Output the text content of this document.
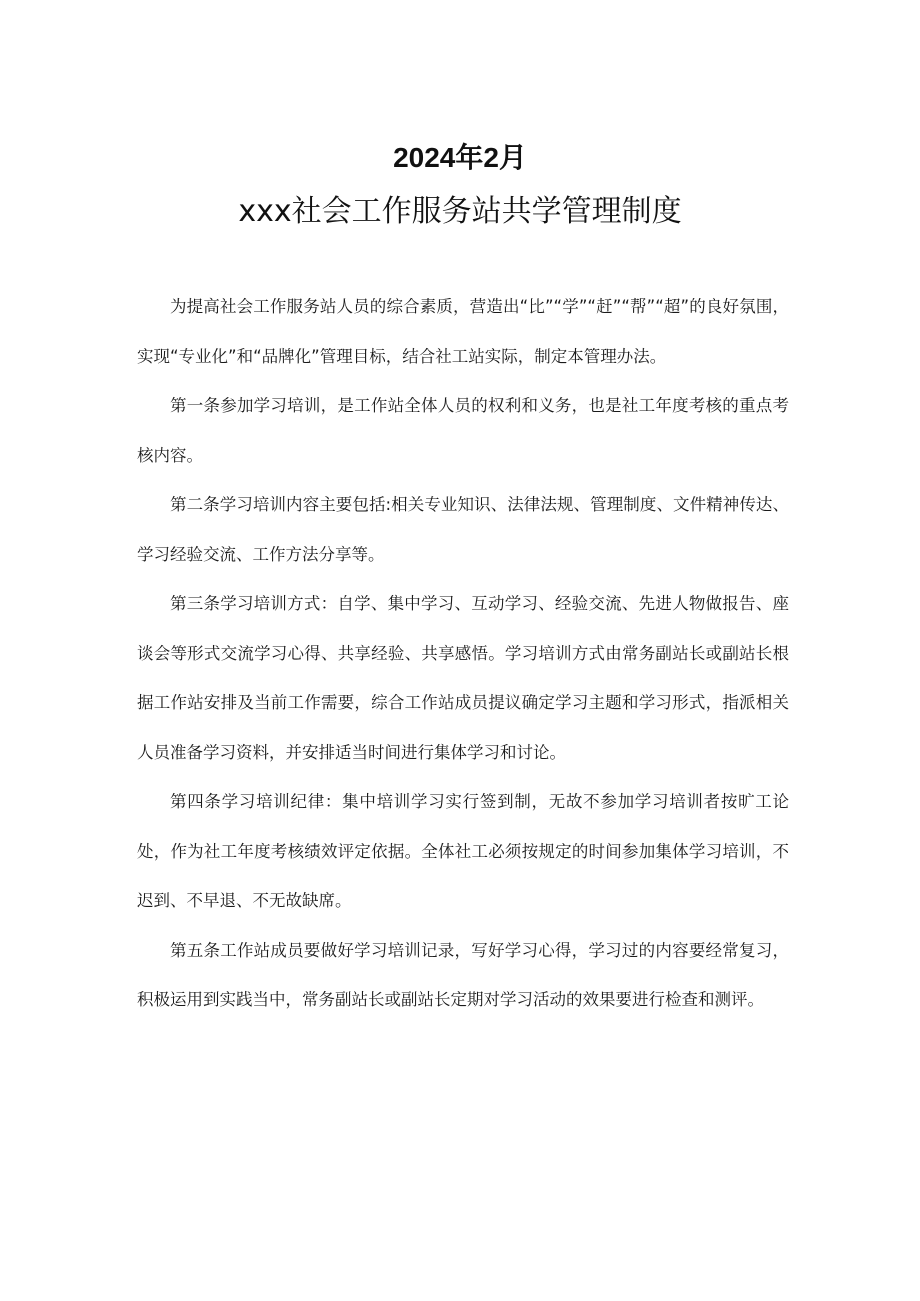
2024年2月
xxx社会工作服务站共学管理制度

为提高社会工作服务站人员的综合素质，营造出“比”“学”“赶”“帮”“超”的良好氛围，实现“专业化”和“品牌化”管理目标，结合社工站实际，制定本管理办法。

第一条参加学习培训，是工作站全体人员的权利和义务，也是社工年度考核的重点考核内容。

第二条学习培训内容主要包括:相关专业知识、法律法规、管理制度、文件精神传达、学习经验交流、工作方法分享等。

第三条学习培训方式：自学、集中学习、互动学习、经验交流、先进人物做报告、座谈会等形式交流学习心得、共享经验、共享感悟。学习培训方式由常务副站长或副站长根据工作站安排及当前工作需要，综合工作站成员提议确定学习主题和学习形式，指派相关人员准备学习资料，并安排适当时间进行集体学习和讨论。

第四条学习培训纪律：集中培训学习实行签到制，无故不参加学习培训者按旷工论处，作为社工年度考核绩效评定依据。全体社工必须按规定的时间参加集体学习培训，不迟到、不早退、不无故缺席。

第五条工作站成员要做好学习培训记录，写好学习心得，学习过的内容要经常复习，积极运用到实践当中，常务副站长或副站长定期对学习活动的效果要进行检查和测评。
